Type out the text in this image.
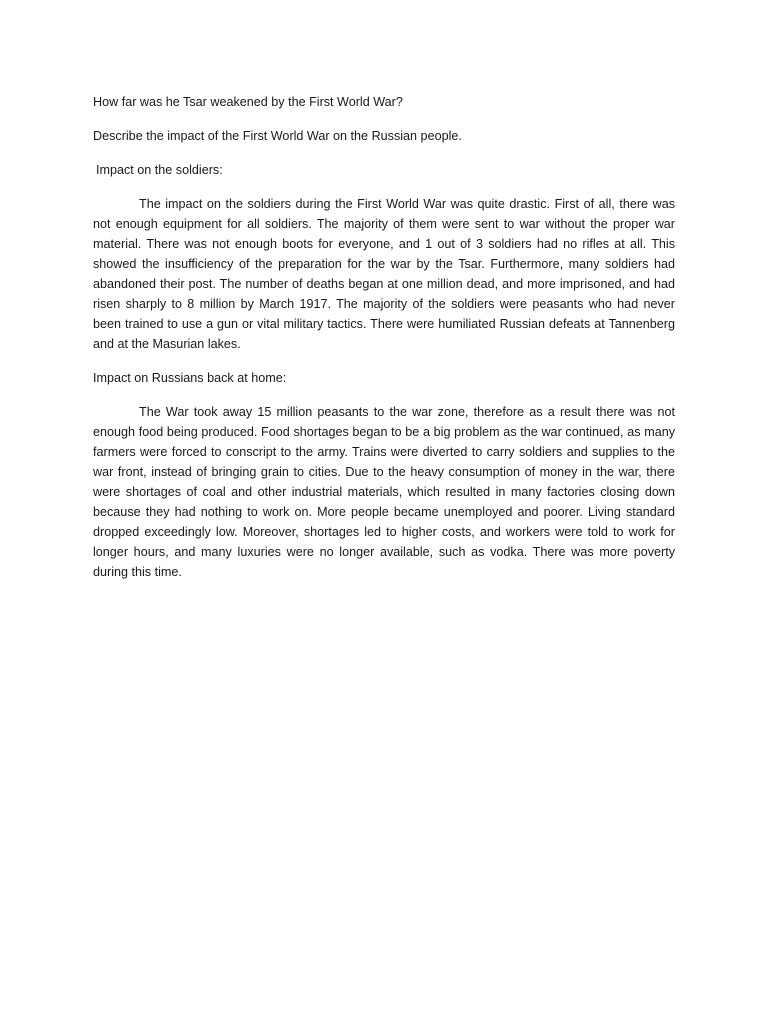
How far was he Tsar weakened by the First World War?

Describe the impact of the First World War on the Russian people.

Impact on the soldiers:

The impact on the soldiers during the First World War was quite drastic. First of all, there was not enough equipment for all soldiers. The majority of them were sent to war without the proper war material. There was not enough boots for everyone, and 1 out of 3 soldiers had no rifles at all. This showed the insufficiency of the preparation for the war by the Tsar. Furthermore, many soldiers had abandoned their post. The number of deaths began at one million dead, and more imprisoned, and had risen sharply to 8 million by March 1917. The majority of the soldiers were peasants who had never been trained to use a gun or vital military tactics. There were humiliated Russian defeats at Tannenberg and at the Masurian lakes.

Impact on Russians back at home:

The War took away 15 million peasants to the war zone, therefore as a result there was not enough food being produced. Food shortages began to be a big problem as the war continued, as many farmers were forced to conscript to the army. Trains were diverted to carry soldiers and supplies to the war front, instead of bringing grain to cities. Due to the heavy consumption of money in the war, there were shortages of coal and other industrial materials, which resulted in many factories closing down because they had nothing to work on. More people became unemployed and poorer. Living standard dropped exceedingly low. Moreover, shortages led to higher costs, and workers were told to work for longer hours, and many luxuries were no longer available, such as vodka. There was more poverty during this time.
